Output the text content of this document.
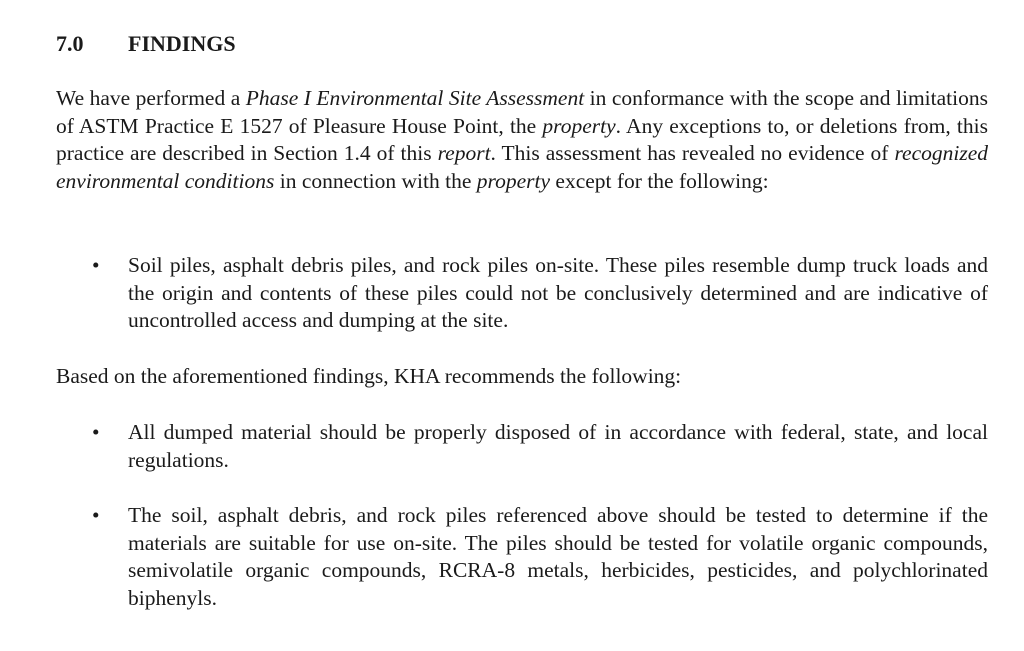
7.0 FINDINGS

We have performed a Phase I Environmental Site Assessment in conformance with the scope and limitations of ASTM Practice E 1527 of Pleasure House Point, the property. Any exceptions to, or deletions from, this practice are described in Section 1.4 of this report. This assessment has revealed no evidence of recognized environmental conditions in connection with the property except for the following:

•	Soil piles, asphalt debris piles, and rock piles on-site. These piles resemble dump truck loads and the origin and contents of these piles could not be conclusively determined and are indicative of uncontrolled access and dumping at the site.

Based on the aforementioned findings, KHA recommends the following:

•	All dumped material should be properly disposed of in accordance with federal, state, and local regulations.
•	The soil, asphalt debris, and rock piles referenced above should be tested to determine if the materials are suitable for use on-site. The piles should be tested for volatile organic compounds, semivolatile organic compounds, RCRA-8 metals, herbicides, pesticides, and polychlorinated biphenyls.
